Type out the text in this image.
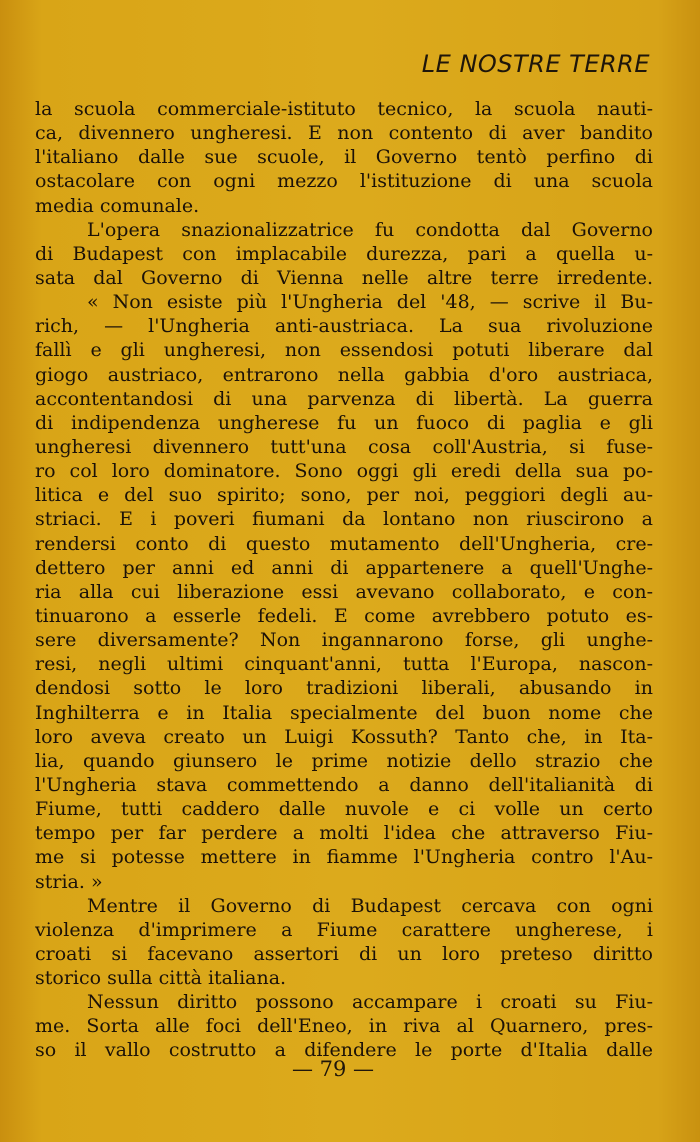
LE NOSTRE TERRE
la scuola commerciale-istituto tecnico, la scuola nauti-
ca, divennero ungheresi. E non contento di aver bandito
l'italiano dalle sue scuole, il Governo tentò perfino di
ostacolare con ogni mezzo l'istituzione di una scuola
media comunale.
L'opera snazionalizzatrice fu condotta dal Governo
di Budapest con implacabile durezza, pari a quella u-
sata dal Governo di Vienna nelle altre terre irredente.
« Non esiste più l'Ungheria del '48, — scrive il Bu-
rich, — l'Ungheria anti-austriaca. La sua rivoluzione
fallì e gli ungheresi, non essendosi potuti liberare dal
giogo austriaco, entrarono nella gabbia d'oro austriaca,
accontentandosi di una parvenza di libertà. La guerra
di indipendenza ungherese fu un fuoco di paglia e gli
ungheresi divennero tutt'una cosa coll'Austria, si fuse-
ro col loro dominatore. Sono oggi gli eredi della sua po-
litica e del suo spirito; sono, per noi, peggiori degli au-
striaci. E i poveri fiumani da lontano non riuscirono a
rendersi conto di questo mutamento dell'Ungheria, cre-
dettero per anni ed anni di appartenere a quell'Unghe-
ria alla cui liberazione essi avevano collaborato, e con-
tinuarono a esserle fedeli. E come avrebbero potuto es-
sere diversamente? Non ingannarono forse, gli unghe-
resi, negli ultimi cinquant'anni, tutta l'Europa, nascon-
dendosi sotto le loro tradizioni liberali, abusando in
Inghilterra e in Italia specialmente del buon nome che
loro aveva creato un Luigi Kossuth? Tanto che, in Ita-
lia, quando giunsero le prime notizie dello strazio che
l'Ungheria stava commettendo a danno dell'italianità di
Fiume, tutti caddero dalle nuvole e ci volle un certo
tempo per far perdere a molti l'idea che attraverso Fiu-
me si potesse mettere in fiamme l'Ungheria contro l'Au-
stria. »
Mentre il Governo di Budapest cercava con ogni
violenza d'imprimere a Fiume carattere ungherese, i
croati si facevano assertori di un loro preteso diritto
storico sulla città italiana.
Nessun diritto possono accampare i croati su Fiu-
me. Sorta alle foci dell'Eneo, in riva al Quarnero, pres-
so il vallo costrutto a difendere le porte d'Italia dalle
— 79 —
